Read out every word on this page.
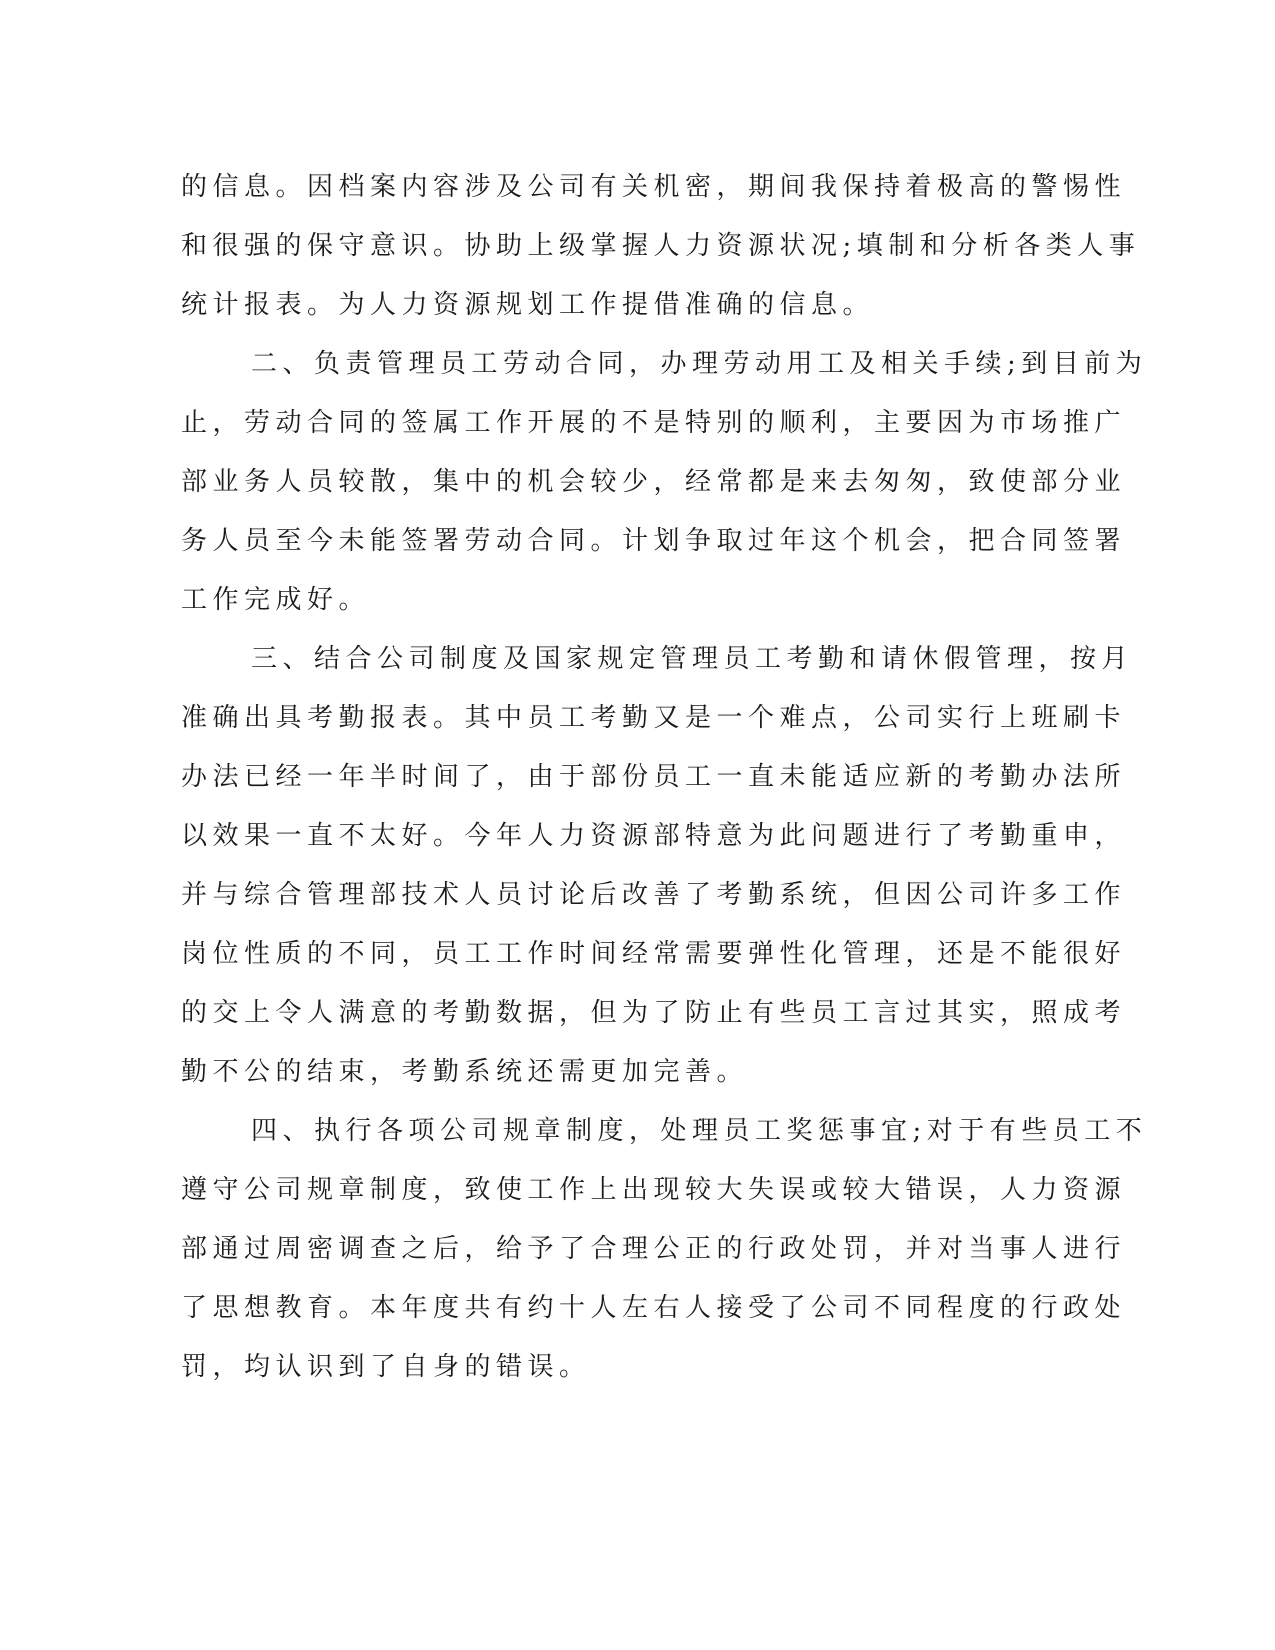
的信息。因档案内容涉及公司有关机密，期间我保持着极高的警惕性
和很强的保守意识。协助上级掌握人力资源状况;填制和分析各类人事
统计报表。为人力资源规划工作提借准确的信息。
二、负责管理员工劳动合同，办理劳动用工及相关手续;到目前为
止，劳动合同的签属工作开展的不是特别的顺利，主要因为市场推广
部业务人员较散，集中的机会较少，经常都是来去匆匆，致使部分业
务人员至今未能签署劳动合同。计划争取过年这个机会，把合同签署
工作完成好。
三、结合公司制度及国家规定管理员工考勤和请休假管理，按月
准确出具考勤报表。其中员工考勤又是一个难点，公司实行上班刷卡
办法已经一年半时间了，由于部份员工一直未能适应新的考勤办法所
以效果一直不太好。今年人力资源部特意为此问题进行了考勤重申，
并与综合管理部技术人员讨论后改善了考勤系统，但因公司许多工作
岗位性质的不同，员工工作时间经常需要弹性化管理，还是不能很好
的交上令人满意的考勤数据，但为了防止有些员工言过其实，照成考
勤不公的结束，考勤系统还需更加完善。
四、执行各项公司规章制度，处理员工奖惩事宜;对于有些员工不
遵守公司规章制度，致使工作上出现较大失误或较大错误，人力资源
部通过周密调查之后，给予了合理公正的行政处罚，并对当事人进行
了思想教育。本年度共有约十人左右人接受了公司不同程度的行政处
罚，均认识到了自身的错误。
